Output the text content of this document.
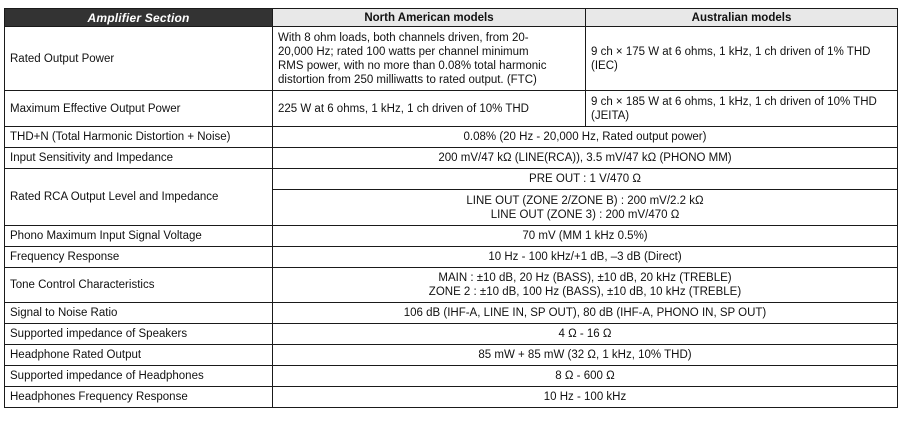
Amplifier Section	North American models	Australian models
Rated Output Power	With 8 ohm loads, both channels driven, from 20-
20,000 Hz; rated 100 watts per channel minimum
RMS power, with no more than 0.08% total harmonic
distortion from 250 milliwatts to rated output. (FTC)	9 ch × 175 W at 6 ohms, 1 kHz, 1 ch driven of 1% THD
(IEC)

Maximum Effective Output Power	225 W at 6 ohms, 1 kHz, 1 ch driven of 10% THD	9 ch × 185 W at 6 ohms, 1 kHz, 1 ch driven of 10% THD
(JEITA)

THD+N (Total Harmonic Distortion + Noise)	0.08% (20 Hz - 20,000 Hz, Rated output power)	
Input Sensitivity and Impedance	200 mV/47 kΩ (LINE(RCA)), 3.5 mV/47 kΩ (PHONO MM)	
Rated RCA Output Level and Impedance	PRE OUT : 1 V/470 Ω	

	LINE OUT (ZONE 2/ZONE B) : 200 mV/2.2 kΩ
LINE OUT (ZONE 3) : 200 mV/470 Ω	

Phono Maximum Input Signal Voltage	70 mV (MM 1 kHz 0.5%)	
Frequency Response	10 Hz - 100 kHz/+1 dB, –3 dB (Direct)	
Tone Control Characteristics	MAIN : ±10 dB, 20 Hz (BASS), ±10 dB, 20 kHz (TREBLE)
ZONE 2 : ±10 dB, 100 Hz (BASS), ±10 dB, 10 kHz (TREBLE)	

Signal to Noise Ratio	106 dB (IHF-A, LINE IN, SP OUT), 80 dB (IHF-A, PHONO IN, SP OUT)	
Supported impedance of Speakers	4 Ω - 16 Ω	
Headphone Rated Output	85 mW + 85 mW (32 Ω, 1 kHz, 10% THD)	
Supported impedance of Headphones	8 Ω - 600 Ω	
Headphones Frequency Response	10 Hz - 100 kHz	
